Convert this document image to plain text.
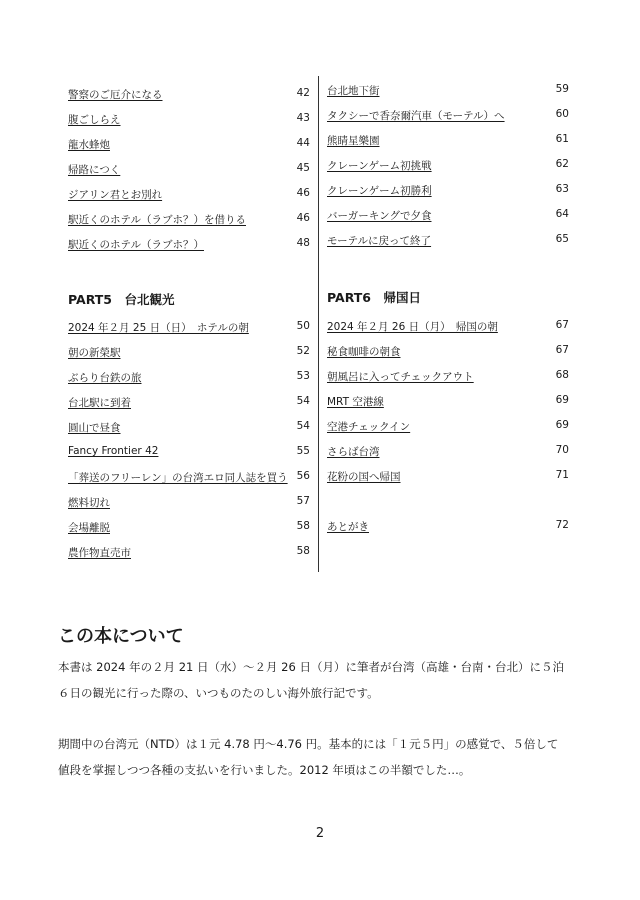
警察のご厄介になる	42
腹ごしらえ	43
龍水蜂炮	44
帰路につく	45
ジアリン君とお別れ	46
駅近くのホテル（ラブホ？）を借りる	46
駅近くのホテル（ラブホ？）	48
PART5　台北観光
2024 年２月 25 日（日）　ホテルの朝	50
朝の新榮駅	52
ぶらり台鉄の旅	53
台北駅に到着	54
圓山で昼食	54
Fancy Frontier 42	55
「葬送のフリーレン」の台湾エロ同人誌を買う 56
燃料切れ	57
会場離脱	58
農作物直売市	58
台北地下街	59
タクシーで香奈爾汽車（モーテル）へ	60
熊睛星樂園	61
クレーンゲーム初挑戦	62
クレーンゲーム初勝利	63
バーガーキングで夕食	64
モーテルに戻って終了	65
PART6　帰国日
2024 年２月 26 日（月）　帰国の朝	67
秘食咖啡の朝食	67
朝風呂に入ってチェックアウト	68
MRT 空港線	69
空港チェックイン	69
さらば台湾	70
花粉の国へ帰国	71
あとがき	72
この本について
本書は 2024 年の２月 21 日（水）～２月 26 日（月）に筆者が台湾（高雄・台南・台北）に５泊
６日の観光に行った際の、いつものたのしい海外旅行記です。
期間中の台湾元（NTD）は１元 4.78 円～4.76 円。基本的には「１元５円」の感覚で、５倍して
値段を掌握しつつ各種の支払いを行いました。2012 年頃はこの半額でした…。
2
